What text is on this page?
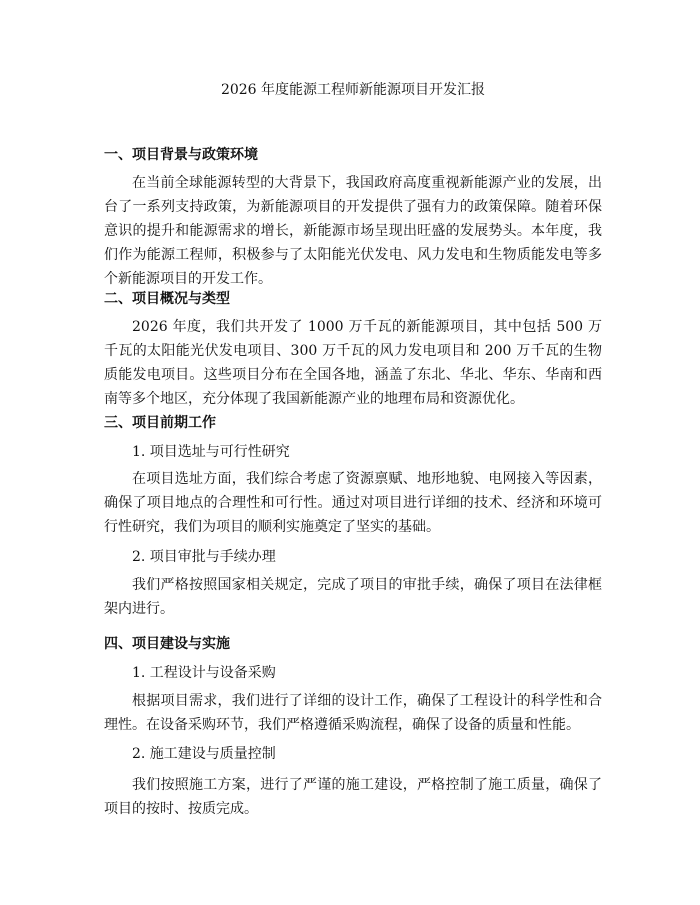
2026 年度能源工程师新能源项目开发汇报
一、项目背景与政策环境

在当前全球能源转型的大背景下，我国政府高度重视新能源产业的发展，出台了一系列支持政策，为新能源项目的开发提供了强有力的政策保障。随着环保意识的提升和能源需求的增长，新能源市场呈现出旺盛的发展势头。本年度，我们作为能源工程师，积极参与了太阳能光伏发电、风力发电和生物质能发电等多个新能源项目的开发工作。

二、项目概况与类型

2026 年度，我们共开发了 1000 万千瓦的新能源项目，其中包括 500 万千瓦的太阳能光伏发电项目、300 万千瓦的风力发电项目和 200 万千瓦的生物质能发电项目。这些项目分布在全国各地，涵盖了东北、华北、华东、华南和西南等多个地区，充分体现了我国新能源产业的地理布局和资源优化。

三、项目前期工作
1. 项目选址与可行性研究

在项目选址方面，我们综合考虑了资源禀赋、地形地貌、电网接入等因素，确保了项目地点的合理性和可行性。通过对项目进行详细的技术、经济和环境可行性研究，我们为项目的顺利实施奠定了坚实的基础。

2. 项目审批与手续办理

我们严格按照国家相关规定，完成了项目的审批手续，确保了项目在法律框架内进行。

四、项目建设与实施
1. 工程设计与设备采购

根据项目需求，我们进行了详细的设计工作，确保了工程设计的科学性和合理性。在设备采购环节，我们严格遵循采购流程，确保了设备的质量和性能。

2. 施工建设与质量控制

我们按照施工方案，进行了严谨的施工建设，严格控制了施工质量，确保了项目的按时、按质完成。
